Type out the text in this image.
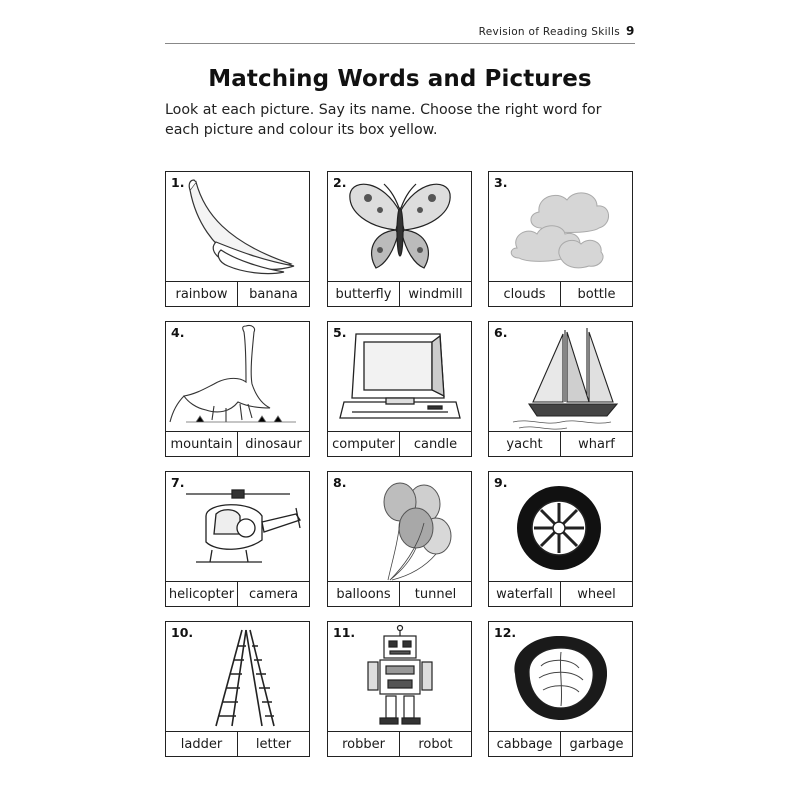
Revision of Reading Skills 9
Matching Words and Pictures
Look at each picture. Say its name. Choose the right word for each picture and colour its box yellow.
1.
rainbow	banana
2.
butterfly	windmill
3.
clouds	bottle
4.
mountain dinosaur
5.
computer	candle
6.
yacht	wharf
7.
helicopter	camera
8.
balloons	tunnel
9.
waterfall	wheel
10.
ladder	letter
11.
robber	robot
12.
cabbage	garbage
